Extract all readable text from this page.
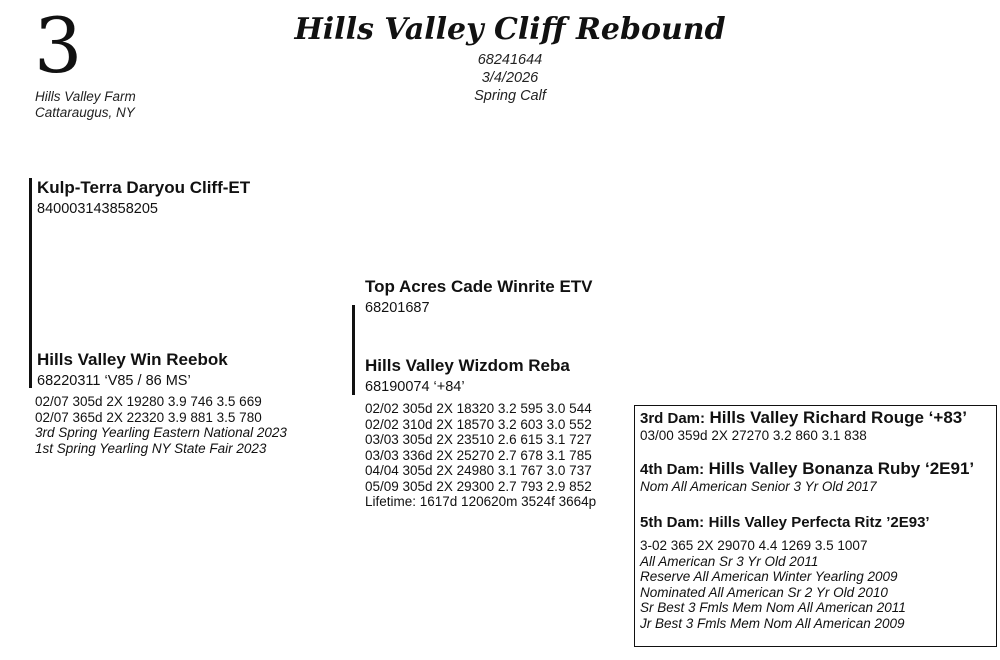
3
Hills Valley Farm
Cattaraugus, NY
Hills Valley Cliff Rebound
68241644
3/4/2026
Spring Calf
Kulp-Terra Daryou Cliff-ET
840003143858205
Hills Valley Win Reebok
68220311 ‘V85 / 86 MS’
02/07 305d 2X 19280 3.9 746 3.5 669
02/07 365d 2X 22320 3.9 881 3.5 780
3rd Spring Yearling Eastern National 2023
1st Spring Yearling NY State Fair 2023
Top Acres Cade Winrite ETV
68201687
Hills Valley Wizdom Reba
68190074 ‘+84’
02/02 305d 2X 18320 3.2 595 3.0 544
02/02 310d 2X 18570 3.2 603 3.0 552
03/03 305d 2X 23510 2.6 615 3.1 727
03/03 336d 2X 25270 2.7 678 3.1 785
04/04 305d 2X 24980 3.1 767 3.0 737
05/09 305d 2X 29300 2.7 793 2.9 852
Lifetime: 1617d 120620m 3524f 3664p
3rd Dam: Hills Valley Richard Rouge ‘+83’
03/00 359d 2X 27270 3.2 860 3.1 838
4th Dam: Hills Valley Bonanza Ruby ‘2E91’
Nom All American Senior 3 Yr Old 2017
5th Dam: Hills Valley Perfecta Ritz ’2E93’
3-02 365 2X 29070 4.4 1269 3.5 1007
All American Sr 3 Yr Old 2011
Reserve All American Winter Yearling 2009
Nominated All American Sr 2 Yr Old 2010
Sr Best 3 Fmls Mem Nom All American 2011
Jr Best 3 Fmls Mem Nom All American 2009
